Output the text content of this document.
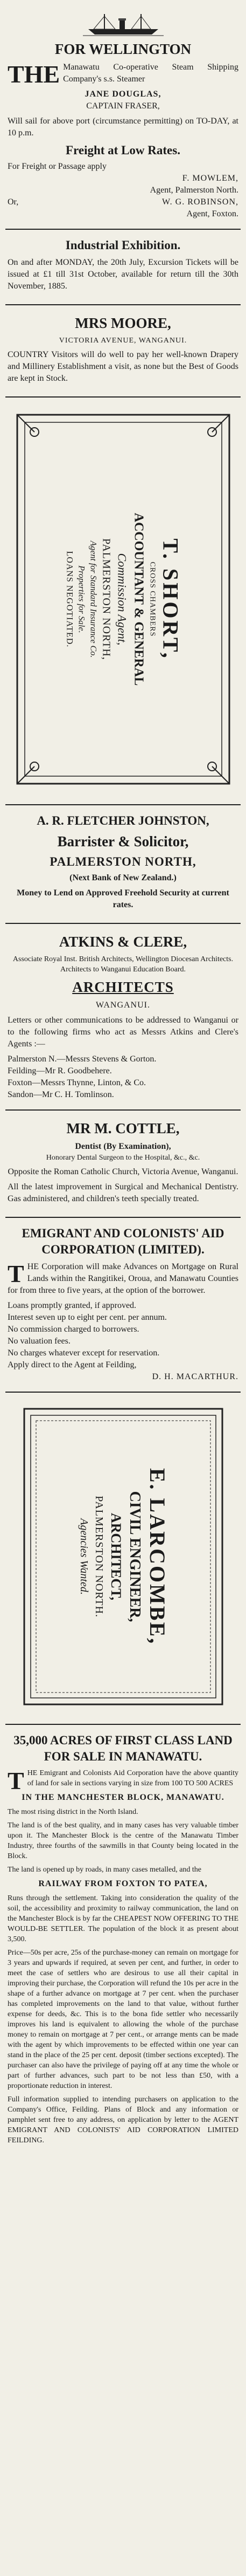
FOR WELLINGTON

THE Manawatu Co-operative Steam Shipping Company's s.s. Steamer

JANE DOUGLAS,
CAPTAIN FRASER,

Will sail for above port (circumstance permitting) on TO-DAY, at 10 p.m.

Freight at Low Rates.
For Freight or Passage apply
F. MOWLEM,
Agent, Palmerston North.
Or,	W. G. ROBINSON,
Agent, Foxton.
Industrial Exhibition.

On and after MONDAY, the 20th July, Excursion Tickets will be issued at £1 till 31st October, available for return till the 30th November, 1885.

MRS MOORE,
VICTORIA AVENUE, WANGANUI.

COUNTRY Visitors will do well to pay her well-known Drapery and Millinery Establishment a visit, as none but the Best of Goods are kept in Stock.

T. SHORT,
CROSS CHAMBERS
ACCOUNTANT & GENERAL
Commission Agent,
PALMERSTON NORTH,
Agent for Standard Insurance Co.
Properties for Sale.
LOANS NEGOTIATED.
A. R. FLETCHER JOHNSTON,
Barrister & Solicitor,
PALMERSTON NORTH,
(Next Bank of New Zealand.)

Money to Lend on Approved Freehold Security at current rates.

ATKINS & CLERE,
Associate Royal Inst. British Architects, Wellington Diocesan Architects.
Architects to Wanganui Education Board.
ARCHITECTS
WANGANUI.

Letters or other communications to be addressed to Wanganui or to the following firms who act as Messrs Atkins and Clere's Agents :—

Palmerston N.—Messrs Stevens & Gorton.
Feilding—Mr R. Goodbehere.
Foxton—Messrs Thynne, Linton, & Co.
Sandon—Mr C. H. Tomlinson.
MR M. COTTLE,
Dentist (By Examination),
Honorary Dental Surgeon to the Hospital, &c., &c.

Opposite the Roman Catholic Church, Victoria Avenue, Wanganui.

All the latest improvement in Surgical and Mechanical Dentistry. Gas administered, and children's teeth specially treated.

EMIGRANT AND COLONISTS' AID CORPORATION (LIMITED).

THE Corporation will make Advances on Mortgage on Rural Lands within the Rangitikei, Oroua, and Manawatu Counties for from three to five years, at the option of the borrower.

Loans promptly granted, if approved.
Interest seven up to eight per cent. per annum.
No commission charged to borrowers.
No valuation fees.
No charges whatever except for reservation.
Apply direct to the Agent at Feilding,
D. H. MACARTHUR.
E. LARCOMBE,
CIVIL ENGINEER,
ARCHITECT,
PALMERSTON NORTH.
Agencies Wanted.
35,000 ACRES OF FIRST CLASS LAND FOR SALE IN MANAWATU.

THE Emigrant and Colonists Aid Corporation have the above quantity of land for sale in sections varying in size from 100 TO 500 ACRES

IN THE MANCHESTER BLOCK, MANAWATU.

The most rising district in the North Island.

The land is of the best quality, and in many cases has very valuable timber upon it. The Manchester Block is the centre of the Manawatu Timber Industry, three fourths of the sawmills in that County being located in the Block.

The land is opened up by roads, in many cases metalled, and the

RAILWAY FROM FOXTON TO PATEA,

Runs through the settlement. Taking into consideration the quality of the soil, the accessibility and proximity to railway communication, the land on the Manchester Block is by far the CHEAPEST NOW OFFERING TO THE WOULD-BE SETTLER. The population of the block it as present about 3,500.

Price—50s per acre, 25s of the purchase-money can remain on mortgage for 3 years and upwards if required, at seven per cent, and further, in order to meet the case of settlers who are desirous to use all their capital in improving their purchase, the Corporation will refund the 10s per acre in the shape of a further advance on mortgage at 7 per cent. when the purchaser has completed improvements on the land to that value, without further expense for deeds, &c. This is to the bona fide settler who necessarily improves his land is equivalent to allowing the whole of the purchase money to remain on mortgage at 7 per cent., or arrange ments can be made with the agent by which improvements to be effected within one year can stand in the place of the 25 per cent. deposit (timber sections excepted). The purchaser can also have the privilege of paying off at any time the whole or part of further advances, such part to be not less than £50, with a proportionate reduction in interest.

Full information supplied to intending purchasers on application to the Company's Office, Feilding. Plans of Block and any information or pamphlet sent free to any address, on application by letter to the AGENT EMIGRANT AND COLONISTS' AID CORPORATION LIMITED FEILDING.
